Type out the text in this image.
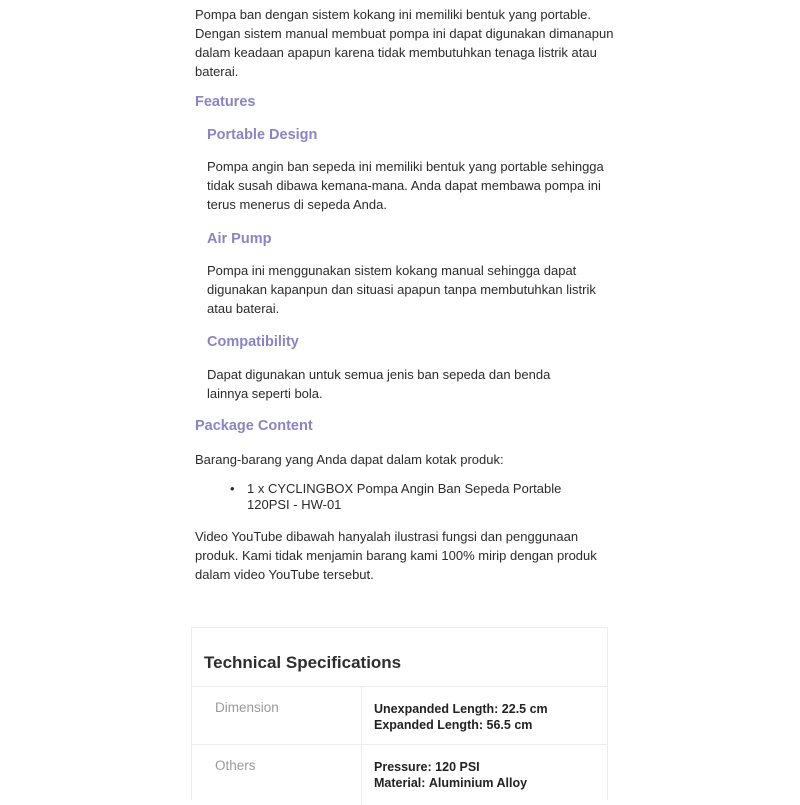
Pompa ban dengan sistem kokang ini memiliki bentuk yang portable. Dengan sistem manual membuat pompa ini dapat digunakan dimanapun dalam keadaan apapun karena tidak membutuhkan tenaga listrik atau baterai.

Features
Portable Design

Pompa angin ban sepeda ini memiliki bentuk yang portable sehingga tidak susah dibawa kemana-mana. Anda dapat membawa pompa ini terus menerus di sepeda Anda.

Air Pump

Pompa ini menggunakan sistem kokang manual sehingga dapat digunakan kapanpun dan situasi apapun tanpa membutuhkan listrik atau baterai.

Compatibility

Dapat digunakan untuk semua jenis ban sepeda dan benda lainnya seperti bola.

Package Content

Barang-barang yang Anda dapat dalam kotak produk:

• 1 x CYCLINGBOX Pompa Angin Ban Sepeda Portable 120PSI - HW-01

Video YouTube dibawah hanyalah ilustrasi fungsi dan penggunaan produk. Kami tidak menjamin barang kami 100% mirip dengan produk dalam video YouTube tersebut.

Technical Specifications
Dimension	Unexpanded Length: 22.5 cm
Expanded Length: 56.5 cm
Others	Pressure: 120 PSI
Material: Aluminium Alloy
